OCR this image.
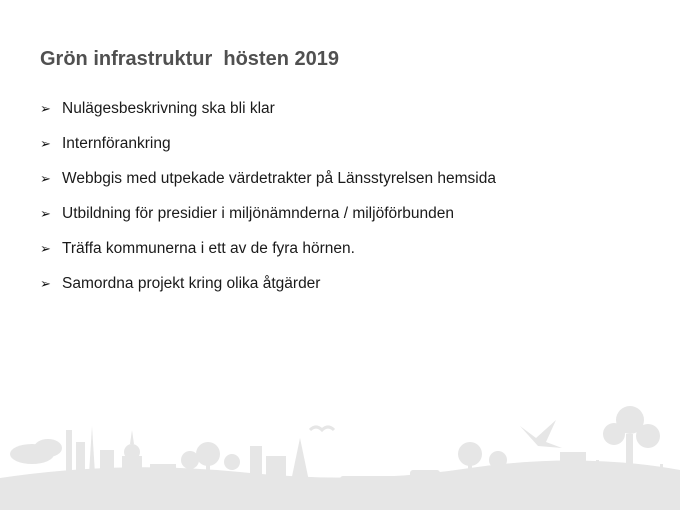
Grön infrastruktur  hösten 2019
➢ Nulägesbeskrivning ska bli klar
➢ Internförankring
➢ Webbgis med utpekade värdetrakter på Länsstyrelsen hemsida
➢ Utbildning för presidier i miljönämnderna / miljöförbunden
➢ Träffa kommunerna i ett av de fyra hörnen.
➢ Samordna projekt kring olika åtgärder
